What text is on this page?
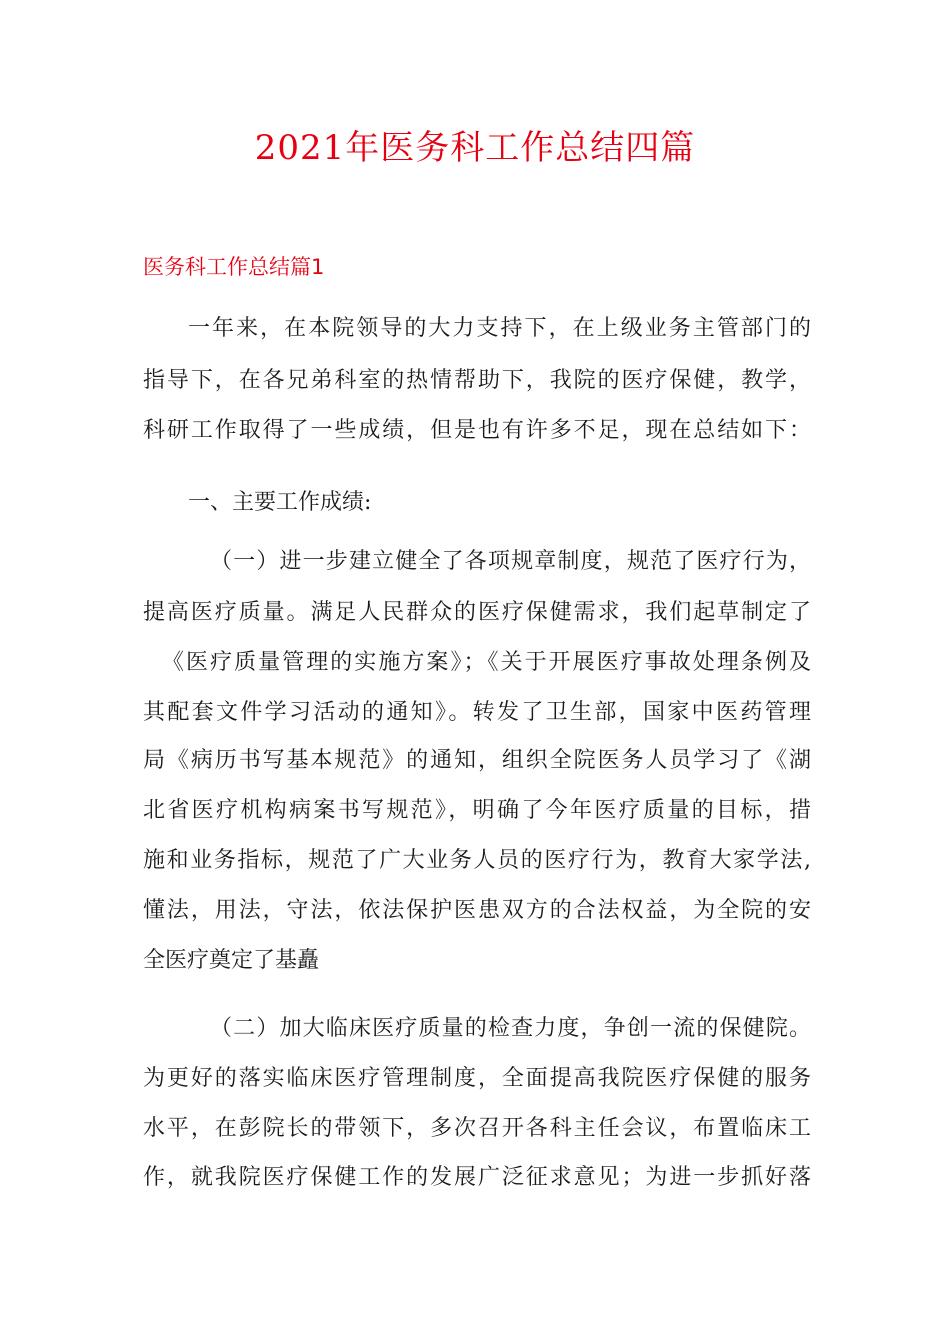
2021年医务科工作总结四篇
医务科工作总结篇1
一年来，在本院领导的大力支持下，在上级业务主管部门的
指导下，在各兄弟科室的热情帮助下，我院的医疗保健，教学，
科研工作取得了一些成绩，但是也有许多不足，现在总结如下：
一、主要工作成绩:
（一）进一步建立健全了各项规章制度，规范了医疗行为，
提高医疗质量。满足人民群众的医疗保健需求，我们起草制定了
《医疗质量管理的实施方案》；《关于开展医疗事故处理条例及
其配套文件学习活动的通知》。转发了卫生部，国家中医药管理
局《病历书写基本规范》的通知，组织全院医务人员学习了《湖
北省医疗机构病案书写规范》，明确了今年医疗质量的目标，措
施和业务指标，规范了广大业务人员的医疗行为，教育大家学法,
懂法，用法，守法，依法保护医患双方的合法权益，为全院的安
全医疗奠定了基矗
（二）加大临床医疗质量的检查力度，争创一流的保健院。
为更好的落实临床医疗管理制度，全面提高我院医疗保健的服务
水平，在彭院长的带领下，多次召开各科主任会议，布置临床工
作，就我院医疗保健工作的发展广泛征求意见；为进一步抓好落
